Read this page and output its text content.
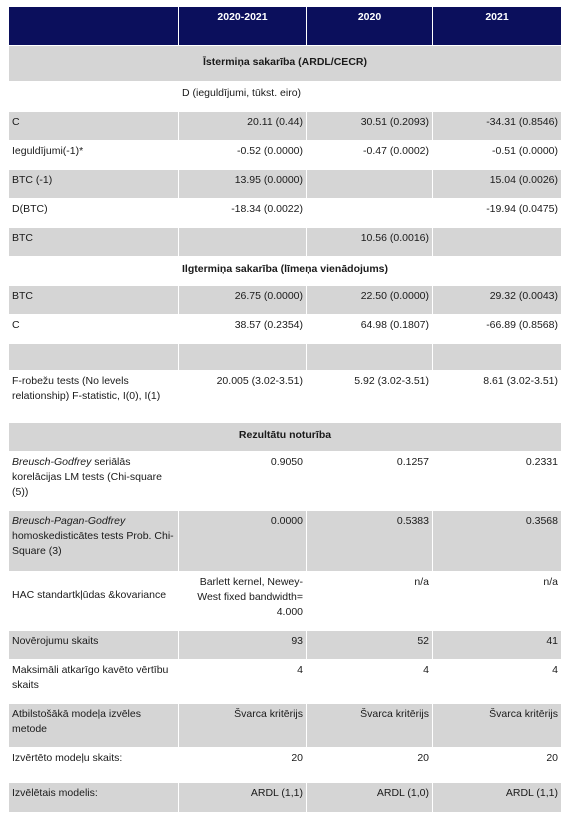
	2020-2021	2020	2021
Īstermiņa sakarība (ARDL/CECR)			
	D (ieguldījumi, tūkst. eiro)		
C	20.11 (0.44)	30.51 (0.2093)	-34.31 (0.8546)
Ieguldījumi(-1)*	-0.52 (0.0000)	-0.47 (0.0002)	-0.51 (0.0000)
BTC (-1)	13.95 (0.0000)		15.04 (0.0026)
D(BTC)	-18.34 (0.0022)		-19.94 (0.0475)
BTC		10.56 (0.0016)	
Ilgtermiņa sakarība (līmeņa vienādojums)			
BTC	26.75 (0.0000)	22.50 (0.0000)	29.32 (0.0043)
C	38.57 (0.2354)	64.98 (0.1807)	-66.89 (0.8568)

F-robežu tests (No levels relationship) F-statistic, I(0), I(1)	20.005 (3.02-3.51)	5.92 (3.02-3.51)	8.61 (3.02-3.51)
Rezultātu noturība			
Breusch-Godfrey seriālās korelācijas LM tests (Chi-square (5))	0.9050	0.1257	0.2331
Breusch-Pagan-Godfrey homoskedisticātes tests Prob. Chi-Square (3)	0.0000	0.5383	0.3568
HAC standartkļūdas &kovariance	Barlett kernel, Newey-West fixed bandwidth= 4.000	n/a	n/a
Novērojumu skaits	93	52	41
Maksimāli atkarīgo kavēto vērtību skaits	4	4	4
Atbilstošākā modeļa izvēles metode	Švarca kritērijs	Švarca kritērijs	Švarca kritērijs
Izvērtēto modeļu skaits:	20	20	20
Izvēlētais modelis:	ARDL (1,1)	ARDL (1,0)	ARDL (1,1)
